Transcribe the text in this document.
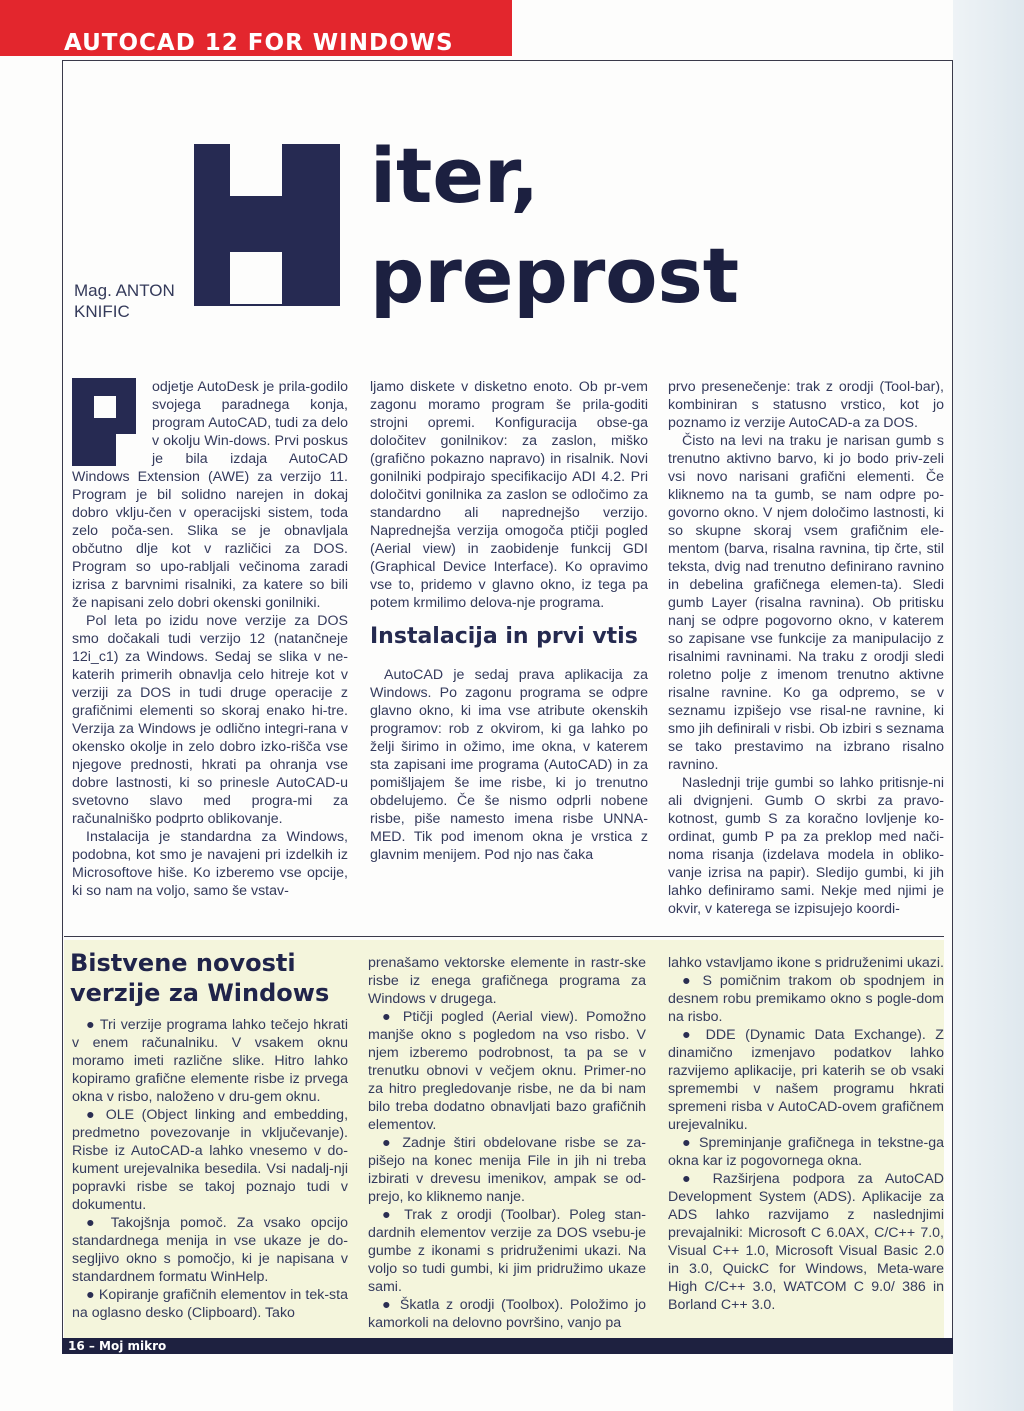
AUTOCAD 12 FOR WINDOWS
iter,
preprost
Mag. ANTON
KNIFIC

odjetje AutoDesk je prila-godilo svojega paradnega konja, program AutoCAD, tudi za delo v okolju Win-dows. Prvi poskus je bila izdaja AutoCAD Windows Extension (AWE) za verzijo 11. Program je bil solidno narejen in dokaj dobro vklju-čen v operacijski sistem, toda zelo poča-sen. Slika se je obnavljala občutno dlje kot v različici za DOS. Program so upo-rabljali večinoma zaradi izrisa z barvnimi risalniki, za katere so bili že napisani zelo dobri okenski gonilniki.

Pol leta po izidu nove verzije za DOS smo dočakali tudi verzijo 12 (natančneje 12i_c1) za Windows. Sedaj se slika v ne-katerih primerih obnavlja celo hitreje kot v verziji za DOS in tudi druge operacije z grafičnimi elementi so skoraj enako hi-tre. Verzija za Windows je odlično integri-rana v okensko okolje in zelo dobro izko-rišča vse njegove prednosti, hkrati pa ohranja vse dobre lastnosti, ki so prinesle AutoCAD-u svetovno slavo med progra-mi za računalniško podprto oblikovanje.

Instalacija je standardna za Windows, podobna, kot smo je navajeni pri izdelkih iz Microsoftove hiše. Ko izberemo vse opcije, ki so nam na voljo, samo še vstav-

ljamo diskete v disketno enoto. Ob pr-vem zagonu moramo program še prila-goditi strojni opremi. Konfiguracija obse-ga določitev gonilnikov: za zaslon, miško (grafično pokazno napravo) in risalnik. Novi gonilniki podpirajo specifikacijo ADI 4.2. Pri določitvi gonilnika za zaslon se odločimo za standardno ali naprednejšo verzijo. Naprednejša verzija omogoča ptičji pogled (Aerial view) in zaobidenje funkcij GDI (Graphical Device Interface). Ko opravimo vse to, pridemo v glavno okno, iz tega pa potem krmilimo delova-nje programa.

Instalacija in prvi vtis

AutoCAD je sedaj prava aplikacija za Windows. Po zagonu programa se odpre glavno okno, ki ima vse atribute okenskih programov: rob z okvirom, ki ga lahko po želji širimo in ožimo, ime okna, v katerem sta zapisani ime programa (AutoCAD) in za pomišljajem še ime risbe, ki jo trenutno obdelujemo. Če še nismo odprli nobene risbe, piše namesto imena risbe UNNA-MED. Tik pod imenom okna je vrstica z glavnim menijem. Pod njo nas čaka

prvo presenečenje: trak z orodji (Tool-bar), kombiniran s statusno vrstico, kot jo poznamo iz verzije AutoCAD-a za DOS.

Čisto na levi na traku je narisan gumb s trenutno aktivno barvo, ki jo bodo priv-zeli vsi novo narisani grafični elementi. Če kliknemo na ta gumb, se nam odpre po-govorno okno. V njem določimo lastnosti, ki so skupne skoraj vsem grafičnim ele-mentom (barva, risalna ravnina, tip črte, stil teksta, dvig nad trenutno definirano ravnino in debelina grafičnega elemen-ta). Sledi gumb Layer (risalna ravnina). Ob pritisku nanj se odpre pogovorno okno, v katerem so zapisane vse funkcije za manipulacijo z risalnimi ravninami. Na traku z orodji sledi roletno polje z imenom trenutno aktivne risalne ravnine. Ko ga odpremo, se v seznamu izpišejo vse risal-ne ravnine, ki smo jih definirali v risbi. Ob izbiri s seznama se tako prestavimo na izbrano risalno ravnino.

Naslednji trije gumbi so lahko pritisnje-ni ali dvignjeni. Gumb O skrbi za pravo-kotnost, gumb S za koračno lovljenje ko-ordinat, gumb P pa za preklop med nači-noma risanja (izdelava modela in obliko-vanje izrisa na papir). Sledijo gumbi, ki jih lahko definiramo sami. Nekje med njimi je okvir, v katerega se izpisujejo koordi-

Bistvene novosti
verzije za Windows

● Tri verzije programa lahko tečejo hkrati v enem računalniku. V vsakem oknu moramo imeti različne slike. Hitro lahko kopiramo grafične elemente risbe iz prvega okna v risbo, naloženo v dru-gem oknu.

● OLE (Object linking and embedding, predmetno povezovanje in vključevanje). Risbe iz AutoCAD-a lahko vnesemo v do-kument urejevalnika besedila. Vsi nadalj-nji popravki risbe se takoj poznajo tudi v dokumentu.

● Takojšnja pomoč. Za vsako opcijo standardnega menija in vse ukaze je do-segljivo okno s pomočjo, ki je napisana v standardnem formatu WinHelp.

● Kopiranje grafičnih elementov in tek-sta na oglasno desko (Clipboard). Tako

prenašamo vektorske elemente in rastr-ske risbe iz enega grafičnega programa za Windows v drugega.

● Ptičji pogled (Aerial view). Pomožno manjše okno s pogledom na vso risbo. V njem izberemo podrobnost, ta pa se v trenutku obnovi v večjem oknu. Primer-no za hitro pregledovanje risbe, ne da bi nam bilo treba dodatno obnavljati bazo grafičnih elementov.

● Zadnje štiri obdelovane risbe se za-pišejo na konec menija File in jih ni treba izbirati v drevesu imenikov, ampak se od-prejo, ko kliknemo nanje.

● Trak z orodji (Toolbar). Poleg stan-dardnih elementov verzije za DOS vsebu-je gumbe z ikonami s pridruženimi ukazi. Na voljo so tudi gumbi, ki jim pridružimo ukaze sami.

● Škatla z orodji (Toolbox). Položimo jo kamorkoli na delovno površino, vanjo pa

lahko vstavljamo ikone s pridruženimi ukazi.

● S pomičnim trakom ob spodnjem in desnem robu premikamo okno s pogle-dom na risbo.

● DDE (Dynamic Data Exchange). Z dinamično izmenjavo podatkov lahko razvijemo aplikacije, pri katerih se ob vsaki spremembi v našem programu hkrati spremeni risba v AutoCAD-ovem grafičnem urejevalniku.

● Spreminjanje grafičnega in tekstne-ga okna kar iz pogovornega okna.

● Razširjena podpora za AutoCAD Development System (ADS). Aplikacije za ADS lahko razvijamo z naslednjimi prevajalniki: Microsoft C 6.0AX, C/C++ 7.0, Visual C++ 1.0, Microsoft Visual Basic 2.0 in 3.0, QuickC for Windows, Meta-ware High C/C++ 3.0, WATCOM C 9.0/ 386 in Borland C++ 3.0.

16 – Moj mikro
